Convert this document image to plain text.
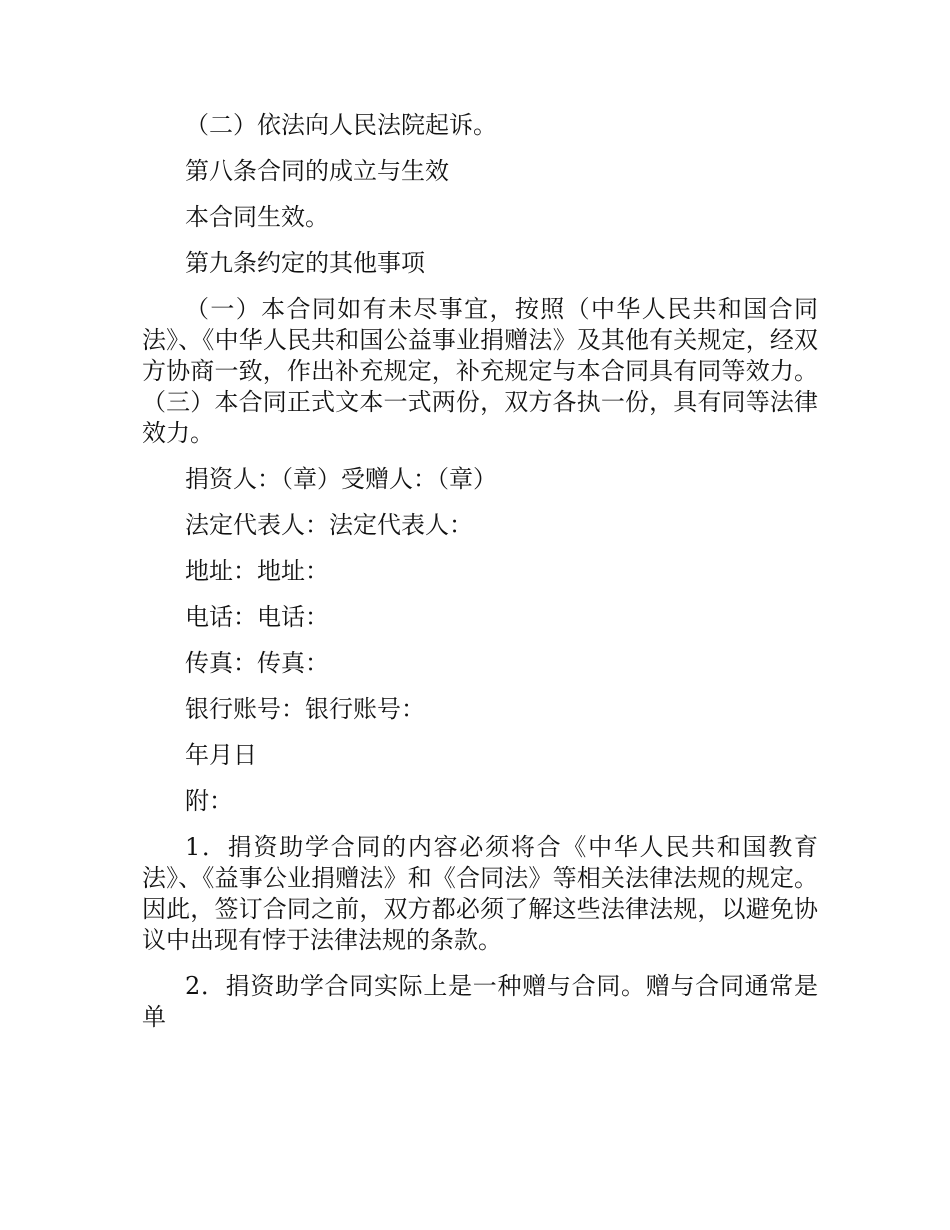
（二）依法向人民法院起诉。

第八条合同的成立与生效

本合同生效。

第九条约定的其他事项

（一）本合同如有未尽事宜，按照（中华人民共和国合同法》、《中华人民共和国公益事业捐赠法》及其他有关规定，经双方协商一致，作出补充规定，补充规定与本合同具有同等效力。（三）本合同正式文本一式两份，双方各执一份，具有同等法律效力。

捐资人：（章）受赠人：（章）

法定代表人：法定代表人：

地址：地址：

电话：电话：

传真：传真：

银行账号：银行账号：

年月日

附：

1．捐资助学合同的内容必须将合《中华人民共和国教育法》、《益事公业捐赠法》和《合同法》等相关法律法规的规定。因此，签订合同之前，双方都必须了解这些法律法规，以避免协议中出现有悖于法律法规的条款。

2．捐资助学合同实际上是一种赠与合同。赠与合同通常是单
